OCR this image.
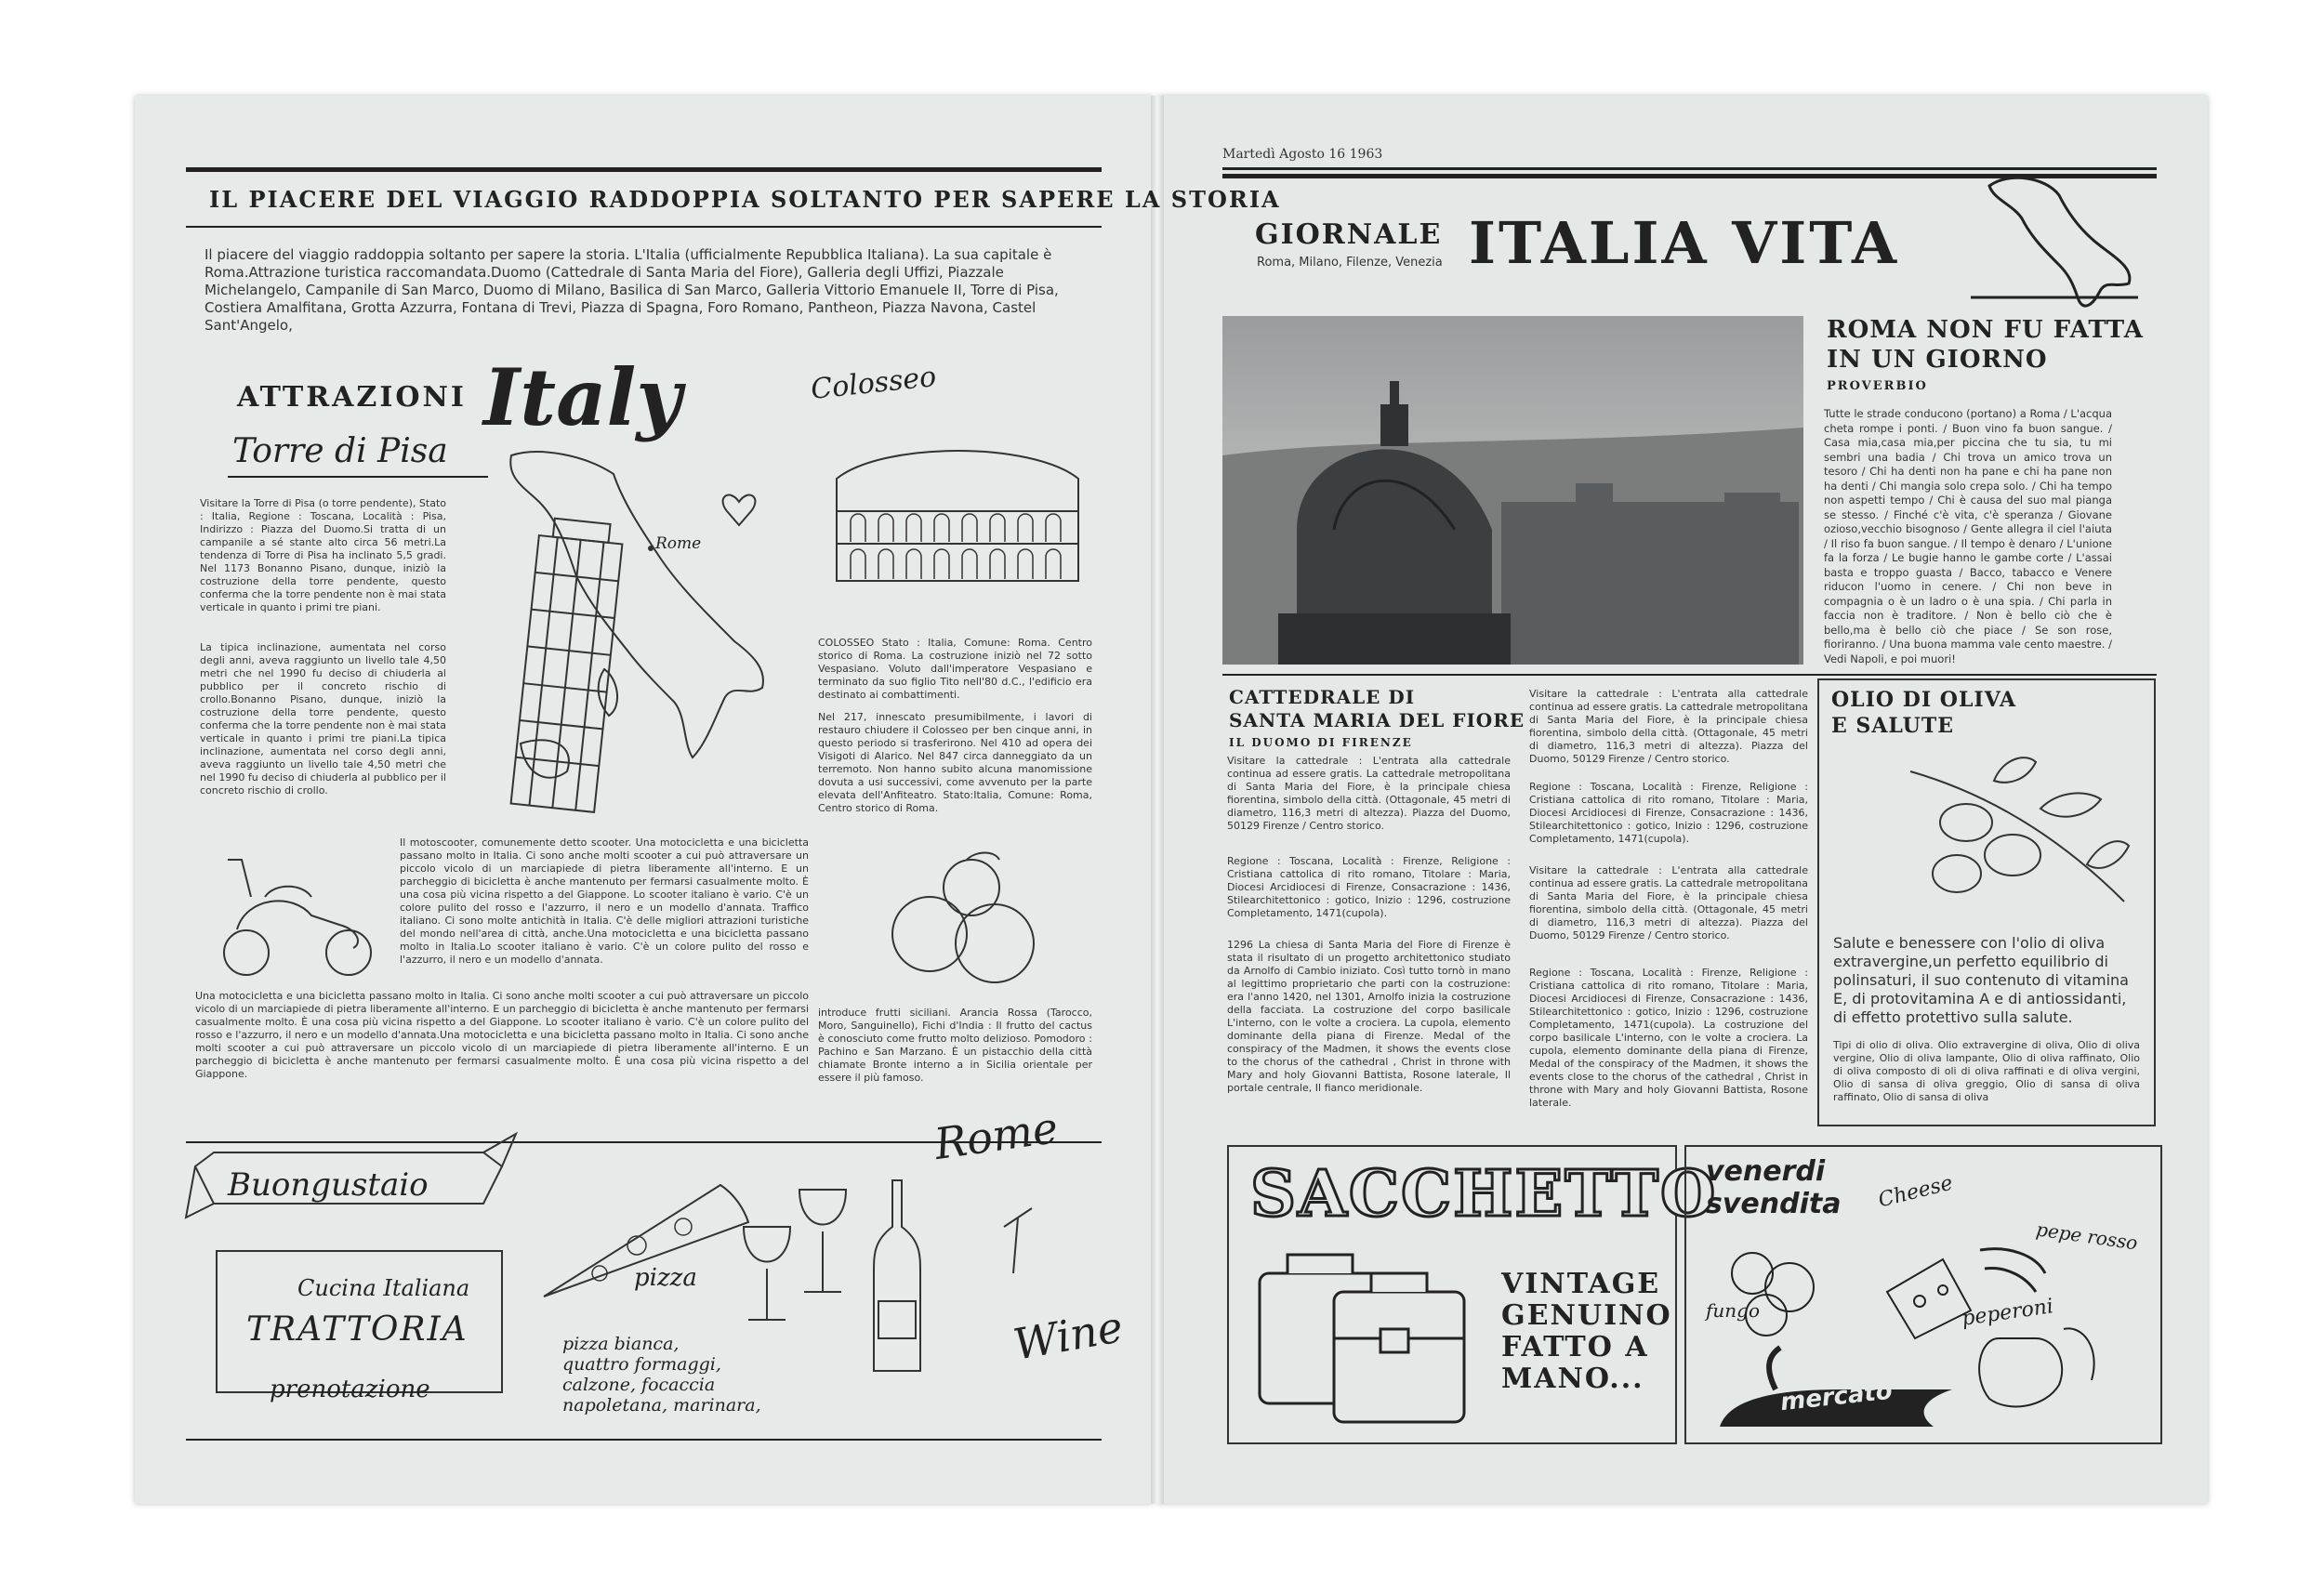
IL PIACERE DEL VIAGGIO RADDOPPIA SOLTANTO PER SAPERE LA STORIA
Il piacere del viaggio raddoppia soltanto per sapere la storia. L'Italia (ufficialmente Repubblica Italiana). La sua capitale è Roma.Attrazione turistica raccomandata.Duomo (Cattedrale di Santa Maria del Fiore), Galleria degli Uffizi, Piazzale Michelangelo, Campanile di San Marco, Duomo di Milano, Basilica di San Marco, Galleria Vittorio Emanuele II, Torre di Pisa, Costiera Amalfitana, Grotta Azzurra, Fontana di Trevi, Piazza di Spagna, Foro Romano, Pantheon, Piazza Navona, Castel Sant'Angelo,
ATTRAZIONI Italy
Torre di Pisa
Colosseo
Rome
Visitare la Torre di Pisa (o torre pendente), Stato : Italia, Regione : Toscana, Località : Pisa, Indirizzo : Piazza del Duomo.Si tratta di un campanile a sé stante alto circa 56 metri.La tendenza di Torre di Pisa ha inclinato 5,5 gradi. Nel 1173 Bonanno Pisano, dunque, iniziò la costruzione della torre pendente, questo conferma che la torre pendente non è mai stata verticale in quanto i primi tre piani.
La tipica inclinazione, aumentata nel corso degli anni, aveva raggiunto un livello tale 4,50 metri che nel 1990 fu deciso di chiuderla al pubblico per il concreto rischio di crollo.Bonanno Pisano, dunque, iniziò la costruzione della torre pendente, questo conferma che la torre pendente non è mai stata verticale in quanto i primi tre piani.La tipica inclinazione, aumentata nel corso degli anni, aveva raggiunto un livello tale 4,50 metri che nel 1990 fu deciso di chiuderla al pubblico per il concreto rischio di crollo.
COLOSSEO Stato : Italia, Comune: Roma. Centro storico di Roma. La costruzione iniziò nel 72 sotto Vespasiano. Voluto dall'imperatore Vespasiano e terminato da suo figlio Tito nell'80 d.C., l'edificio era destinato ai combattimenti.
Nel 217, innescato presumibilmente, i lavori di restauro chiudere il Colosseo per ben cinque anni, in questo periodo si trasferirono. Nel 410 ad opera dei Visigoti di Alarico. Nel 847 circa danneggiato da un terremoto. Non hanno subito alcuna manomissione dovuta a usi successivi, come avvenuto per la parte elevata dell'Anfiteatro. Stato:Italia, Comune: Roma, Centro storico di Roma.
Il motoscooter, comunemente detto scooter. Una motocicletta e una bicicletta passano molto in Italia. Ci sono anche molti scooter a cui può attraversare un piccolo vicolo di un marciapiede di pietra liberamente all'interno. E un parcheggio di bicicletta è anche mantenuto per fermarsi casualmente molto. È una cosa più vicina rispetto a del Giappone. Lo scooter italiano è vario. C'è un colore pulito del rosso e l'azzurro, il nero e un modello d'annata. Traffico italiano. Ci sono molte antichità in Italia. C'è delle migliori attrazioni turistiche del mondo nell'area di città, anche.Una motocicletta e una bicicletta passano molto in Italia.Lo scooter italiano è vario. C'è un colore pulito del rosso e l'azzurro, il nero e un modello d'annata.
Una motocicletta e una bicicletta passano molto in Italia. Ci sono anche molti scooter a cui può attraversare un piccolo vicolo di un marciapiede di pietra liberamente all'interno. E un parcheggio di bicicletta è anche mantenuto per fermarsi casualmente molto. È una cosa più vicina rispetto a del Giappone. Lo scooter italiano è vario. C'è un colore pulito del rosso e l'azzurro, il nero e un modello d'annata.Una motocicletta e una bicicletta passano molto in Italia. Ci sono anche molti scooter a cui può attraversare un piccolo vicolo di un marciapiede di pietra liberamente all'interno. E un parcheggio di bicicletta è anche mantenuto per fermarsi casualmente molto. È una cosa più vicina rispetto a del Giappone.
introduce frutti siciliani. Arancia Rossa (Tarocco, Moro, Sanguinello), Fichi d'India : Il frutto del cactus è conosciuto come frutto molto delizioso. Pomodoro : Pachino e San Marzano. È un pistacchio della città chiamate Bronte interno a in Sicilia orientale per essere il più famoso.
Buongustaio
Cucina Italiana
TRATTORIA
prenotazione
pizza
Rome
Wine
pizza bianca,
quattro formaggi,
calzone, focaccia
napoletana, marinara,
Martedì Agosto 16 1963
GIORNALE
Roma, Milano, Filenze, Venezia ITALIA VITA
ROMA NON FU FATTA
IN UN GIORNO
PROVERBIO
Tutte le strade conducono (portano) a Roma / L'acqua cheta rompe i ponti. / Buon vino fa buon sangue. / Casa mia,casa mia,per piccina che tu sia, tu mi sembri una badia / Chi trova un amico trova un tesoro / Chi ha denti non ha pane e chi ha pane non ha denti / Chi mangia solo crepa solo. / Chi ha tempo non aspetti tempo / Chi è causa del suo mal pianga se stesso. / Finché c'è vita, c'è speranza / Giovane ozioso,vecchio bisognoso / Gente allegra il ciel l'aiuta / Il riso fa buon sangue. / Il tempo è denaro / L'unione fa la forza / Le bugie hanno le gambe corte / L'assai basta e troppo guasta / Bacco, tabacco e Venere riducon l'uomo in cenere. / Chi non beve in compagnia o è un ladro o è una spia. / Chi parla in faccia non è traditore. / Non è bello ciò che è bello,ma è bello ciò che piace / Se son rose, fioriranno. / Una buona mamma vale cento maestre. / Vedi Napoli, e poi muori!
CATTEDRALE DI
SANTA MARIA DEL FIORE
IL DUOMO DI FIRENZE
Visitare la cattedrale : L'entrata alla cattedrale continua ad essere gratis. La cattedrale metropolitana di Santa Maria del Fiore, è la principale chiesa fiorentina, simbolo della città. (Ottagonale, 45 metri di diametro, 116,3 metri di altezza). Piazza del Duomo, 50129 Firenze / Centro storico.
Regione : Toscana, Località : Firenze, Religione : Cristiana cattolica di rito romano, Titolare : Maria, Diocesi Arcidiocesi di Firenze, Consacrazione : 1436, Stilearchitettonico : gotico, Inizio : 1296, costruzione Completamento, 1471(cupola).
1296 La chiesa di Santa Maria del Fiore di Firenze è stata il risultato di un progetto architettonico studiato da Arnolfo di Cambio iniziato. Così tutto tornò in mano al legittimo proprietario che parti con la costruzione: era l'anno 1420, nel 1301, Arnolfo inizia la costruzione della facciata. La costruzione del corpo basilicale L'interno, con le volte a crociera. La cupola, elemento dominante della piana di Firenze. Medal of the conspiracy of the Madmen, it shows the events close to the chorus of the cathedral , Christ in throne with Mary and holy Giovanni Battista, Rosone laterale, Il portale centrale, Il fianco meridionale.
Visitare la cattedrale : L'entrata alla cattedrale continua ad essere gratis. La cattedrale metropolitana di Santa Maria del Fiore, è la principale chiesa fiorentina, simbolo della città. (Ottagonale, 45 metri di diametro, 116,3 metri di altezza). Piazza del Duomo, 50129 Firenze / Centro storico.
Regione : Toscana, Località : Firenze, Religione : Cristiana cattolica di rito romano, Titolare : Maria, Diocesi Arcidiocesi di Firenze, Consacrazione : 1436, Stilearchitettonico : gotico, Inizio : 1296, costruzione Completamento, 1471(cupola).
Visitare la cattedrale : L'entrata alla cattedrale continua ad essere gratis. La cattedrale metropolitana di Santa Maria del Fiore, è la principale chiesa fiorentina, simbolo della città. (Ottagonale, 45 metri di diametro, 116,3 metri di altezza). Piazza del Duomo, 50129 Firenze / Centro storico.
Regione : Toscana, Località : Firenze, Religione : Cristiana cattolica di rito romano, Titolare : Maria, Diocesi Arcidiocesi di Firenze, Consacrazione : 1436, Stilearchitettonico : gotico, Inizio : 1296, costruzione Completamento, 1471(cupola). La costruzione del corpo basilicale L'interno, con le volte a crociera. La cupola, elemento dominante della piana di Firenze, Medal of the conspiracy of the Madmen, it shows the events close to the chorus of the cathedral , Christ in throne with Mary and holy Giovanni Battista, Rosone laterale.
OLIO DI OLIVA
E SALUTE
Salute e benessere con l'olio di oliva extravergine,un perfetto equilibrio di polinsaturi, il suo contenuto di vitamina E, di protovitamina A e di antiossidanti, di effetto protettivo sulla salute.
Tipi di olio di oliva. Olio extravergine di oliva, Olio di oliva vergine, Olio di oliva lampante, Olio di oliva raffinato, Olio di oliva composto di oli di oliva raffinati e di oliva vergini, Olio di sansa di oliva greggio, Olio di sansa di oliva raffinato, Olio di sansa di oliva
SACCHETTO
VINTAGE
GENUINO
FATTO A
MANO...
venerdi
svendita Cheese
pepe rosso
fungo	peperoni
mercato
